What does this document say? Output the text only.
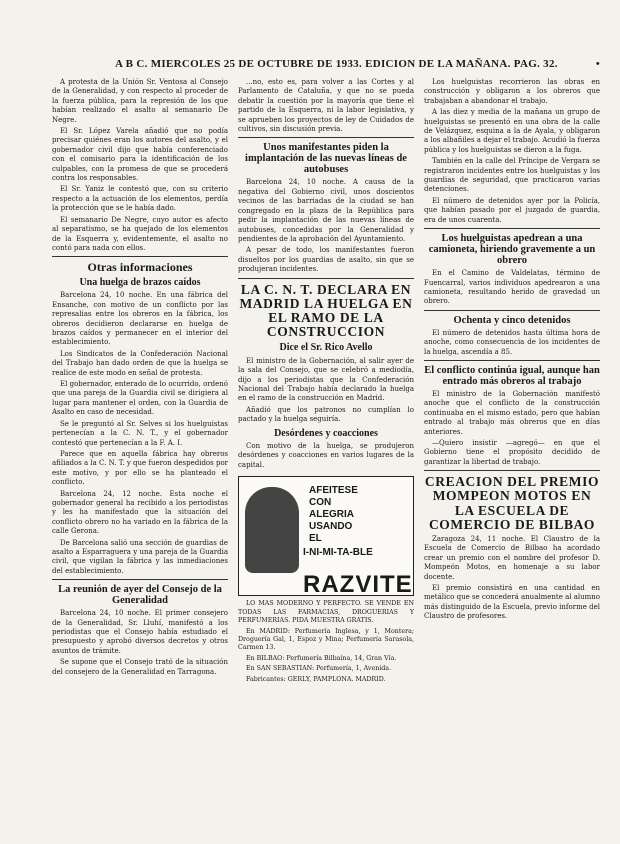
A B C. MIERCOLES 25 DE OCTUBRE DE 1933. EDICION DE LA MAÑANA. PAG. 32.	•

A protesta de la Unión Sr. Ventosa al Consejo de la Generalidad, y con respecto al proceder de la fuerza pública, para la represión de los que habían realizado el asalto al semanario De Negre.

El Sr. López Varela añadió que no podía precisar quiénes eran los autores del asalto, y el gobernador civil dijo que había conferenciado con el comisario para la identificación de los culpables, con la promesa de que se procederá contra los responsables.

El Sr. Yaniz le contestó que, con su criterio respecto a la actuación de los elementos, perdía la protección que se le había dado.

El semanario De Negre, cuyo autor es afecto al separatismo, se ha quejado de los elementos de la Esquerra y, evidentemente, el asalto no contó para nada con ellos.

Otras informaciones
Una huelga de brazos caídos

Barcelona 24, 10 noche. En una fábrica del Ensanche, con motivo de un conflicto por las represalias entre los obreros en la fábrica, los obreros decidieron declararse en huelga de brazos caídos y permanecer en el interior del establecimiento.

Los Sindicatos de la Confederación Nacional del Trabajo han dado orden de que la huelga se realice de este modo en señal de protesta.

El gobernador, enterado de lo ocurrido, ordenó que una pareja de la Guardia civil se dirigiera al lugar para mantener el orden, con la Guardia de Asalto en caso de necesidad.

Se le preguntó al Sr. Selves si los huelguistas pertenecían a la C. N. T., y el gobernador contestó que pertenecían a la F. A. I.

Parece que en aquella fábrica hay obreros afiliados a la C. N. T. y que fueron despedidos por este motivo, y por ello se ha planteado el conflicto.

Barcelona 24, 12 noche. Esta noche el gobernador general ha recibido a los periodistas y les ha manifestado que la situación del conflicto obrero no ha variado en la fábrica de la calle Gerona.

De Barcelona salió una sección de guardias de asalto a Esparraguera y una pareja de la Guardia civil, que vigilan la fábrica y las inmediaciones del establecimiento.

La reunión de ayer del Consejo de la Generalidad

Barcelona 24, 10 noche. El primer consejero de la Generalidad, Sr. Lluhí, manifestó a los periodistas que el Consejo había estudiado el presupuesto y aprobó diversos decretos y otros asuntos de trámite.

Se supone que el Consejo trató de la situación del consejero de la Generalidad en Tarragona.

...no, esto es, para volver a las Cortes y al Parlamento de Cataluña, y que no se pueda debatir la cuestión por la mayoría que tiene el partido de la Esquerra, ni la labor legislativa, y se aprueben los proyectos de ley de Cuidados de cultivos, sin discusión previa.

Unos manifestantes piden la implantación de las nuevas líneas de autobuses

Barcelona 24, 10 noche. A causa de la negativa del Gobierno civil, unos doscientos vecinos de las barriadas de la ciudad se han congregado en la plaza de la República para pedir la implantación de las nuevas líneas de autobuses, concedidas por la Generalidad y pendientes de la aprobación del Ayuntamiento.

A pesar de todo, los manifestantes fueron disueltos por los guardias de asalto, sin que se produjeran incidentes.

LA C. N. T. DECLARA EN MADRID LA HUELGA EN EL RAMO DE LA CONSTRUCCION
Dice el Sr. Rico Avello

El ministro de la Gobernación, al salir ayer de la sala del Consejo, que se celebró a mediodía, dijo a los periodistas que la Confederación Nacional del Trabajo había declarado la huelga en el ramo de la construcción en Madrid.

Añadió que los patronos no cumplían lo pactado y la huelga seguiría.

Desórdenes y coacciones

Con motivo de la huelga, se produjeron desórdenes y coacciones en varios lugares de la capital.

AFEITESE
CON
ALEGRIA
USANDO
EL
I-NI-MI-TA-BLE
RAZVITE

LO MAS MODERNO Y PERFECTO. SE VENDE EN TODAS LAS FARMACIAS, DROGUERIAS Y PERFUMERIAS. PIDA MUESTRA GRATIS.

En MADRID: Perfumería Inglesa, y 1, Montera; Droguería Gal, 1, Espoz y Mina; Perfumería Sarasola, Carmen 13.

En BILBAO: Perfumería Bilbaína, 14, Gran Vía.

En SAN SEBASTIAN: Perfumería, 1, Avenida.

Fabricantes: GERLY, PAMPLONA. MADRID.

Los huelguistas recorrieron las obras en construcción y obligaron a los obreros que trabajaban a abandonar el trabajo.

A las diez y media de la mañana un grupo de huelguistas se presentó en una obra de la calle de Velázquez, esquina a la de Ayala, y obligaron a los albañiles a dejar el trabajo. Acudió la fuerza pública y los huelguistas se dieron a la fuga.

También en la calle del Príncipe de Vergara se registraron incidentes entre los huelguistas y los guardias de seguridad, que practicaron varias detenciones.

El número de detenidos ayer por la Policía, que habían pasado por el juzgado de guardia, era de unos cuarenta.

Los huelguistas apedrean a una camioneta, hiriendo gravemente a un obrero

En el Camino de Valdelatas, término de Fuencarral, varios individuos apedrearon a una camioneta, resultando herido de gravedad un obrero.

Ochenta y cinco detenidos

El número de detenidos hasta última hora de anoche, como consecuencia de los incidentes de la huelga, ascendía a 85.

El conflicto continúa igual, aunque han entrado más obreros al trabajo

El ministro de la Gobernación manifestó anoche que el conflicto de la construcción continuaba en el mismo estado, pero que habían entrado al trabajo más obreros que en días anteriores.

—Quiero insistir —agregó— en que el Gobierno tiene el propósito decidido de garantizar la libertad de trabajo.

CREACION DEL PREMIO MOMPEON MOTOS EN LA ESCUELA DE COMERCIO DE BILBAO

Zaragoza 24, 11 noche. El Claustro de la Escuela de Comercio de Bilbao ha acordado crear un premio con el nombre del profesor D. Mompeón Motos, en homenaje a su labor docente.

El premio consistirá en una cantidad en metálico que se concederá anualmente al alumno más distinguido de la Escuela, previo informe del Claustro de profesores.
